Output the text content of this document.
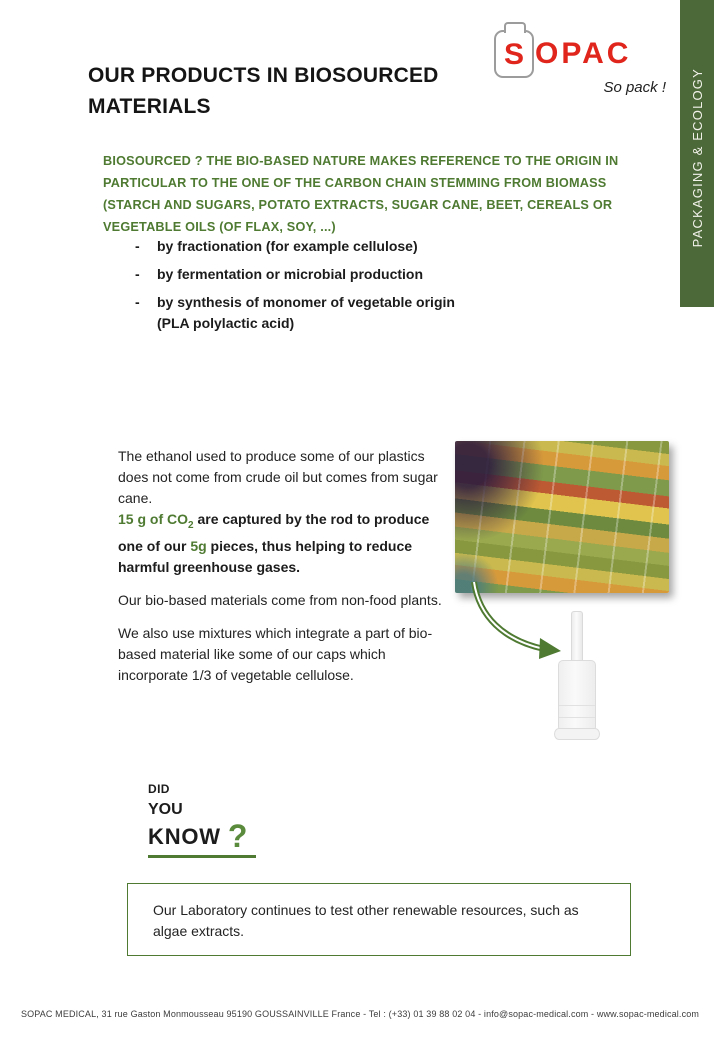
PACKAGING & ECOLOGY
S OPAC
So pack !
OUR PRODUCTS IN BIOSOURCED MATERIALS
BIOSOURCED ? THE BIO-BASED NATURE MAKES REFERENCE TO THE ORIGIN IN PARTICULAR TO THE ONE OF THE CARBON CHAIN STEMMING FROM BIOMASS (STARCH AND SUGARS, POTATO EXTRACTS, SUGAR CANE, BEET, CEREALS OR VEGETABLE OILS (OF FLAX, SOY, ...)
-
by fractionation (for example cellulose)
-
by fermentation or microbial production
-
by synthesis of monomer of vegetable origin (PLA polylactic acid)

The ethanol used to produce some of our plastics does not come from crude oil but comes from sugar cane.
15 g of $CO_2$ are captured by the rod to produce one of our 5g pieces, thus helping to reduce harmful greenhouse gases.

Our bio-based materials come from non-food plants.

We also use mixtures which integrate a part of bio-based material like some of our caps which incorporate 1/3 of vegetable cellulose.

DID
YOU
KNOW ?
Our Laboratory continues to test other renewable resources, such as algae extracts.
SOPAC MEDICAL, 31 rue Gaston Monmousseau 95190 GOUSSAINVILLE France - Tel : (+33) 01 39 88 02 04 - info@sopac-medical.com - www.sopac-medical.com
